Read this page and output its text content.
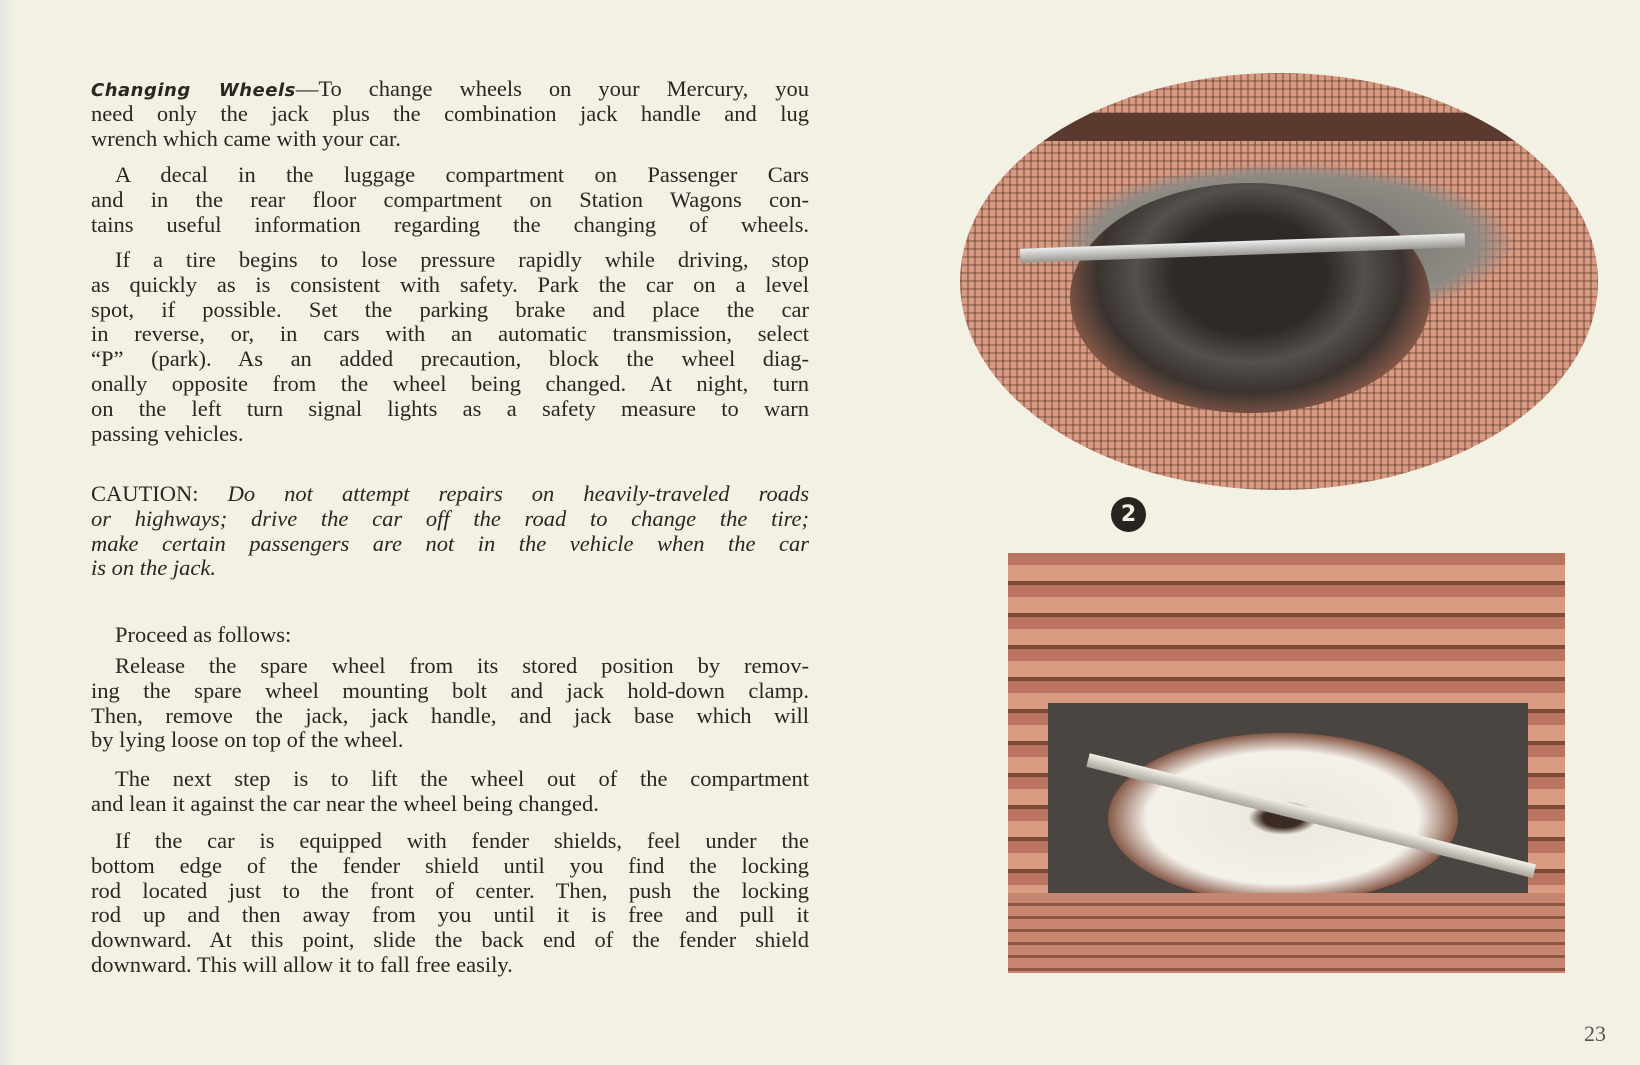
Changing Wheels—To change wheels on your Mercury, you
need only the jack plus the combination jack handle and lug
wrench which came with your car.
A decal in the luggage compartment on Passenger Cars
and in the rear floor compartment on Station Wagons con-
tains useful information regarding the changing of wheels.
If a tire begins to lose pressure rapidly while driving, stop
as quickly as is consistent with safety. Park the car on a level
spot, if possible. Set the parking brake and place the car
in reverse, or, in cars with an automatic transmission, select
“P” (park). As an added precaution, block the wheel diag-
onally opposite from the wheel being changed. At night, turn
on the left turn signal lights as a safety measure to warn
passing vehicles.
CAUTION: Do not attempt repairs on heavily-traveled roads
or highways; drive the car off the road to change the tire;
make certain passengers are not in the vehicle when the car
is on the jack.
Proceed as follows:
Release the spare wheel from its stored position by remov-
ing the spare wheel mounting bolt and jack hold-down clamp.
Then, remove the jack, jack handle, and jack base which will
by lying loose on top of the wheel.
The next step is to lift the wheel out of the compartment
and lean it against the car near the wheel being changed.
If the car is equipped with fender shields, feel under the
bottom edge of the fender shield until you find the locking
rod located just to the front of center. Then, push the locking
rod up and then away from you until it is free and pull it
downward. At this point, slide the back end of the fender shield
downward. This will allow it to fall free easily.
2
23
